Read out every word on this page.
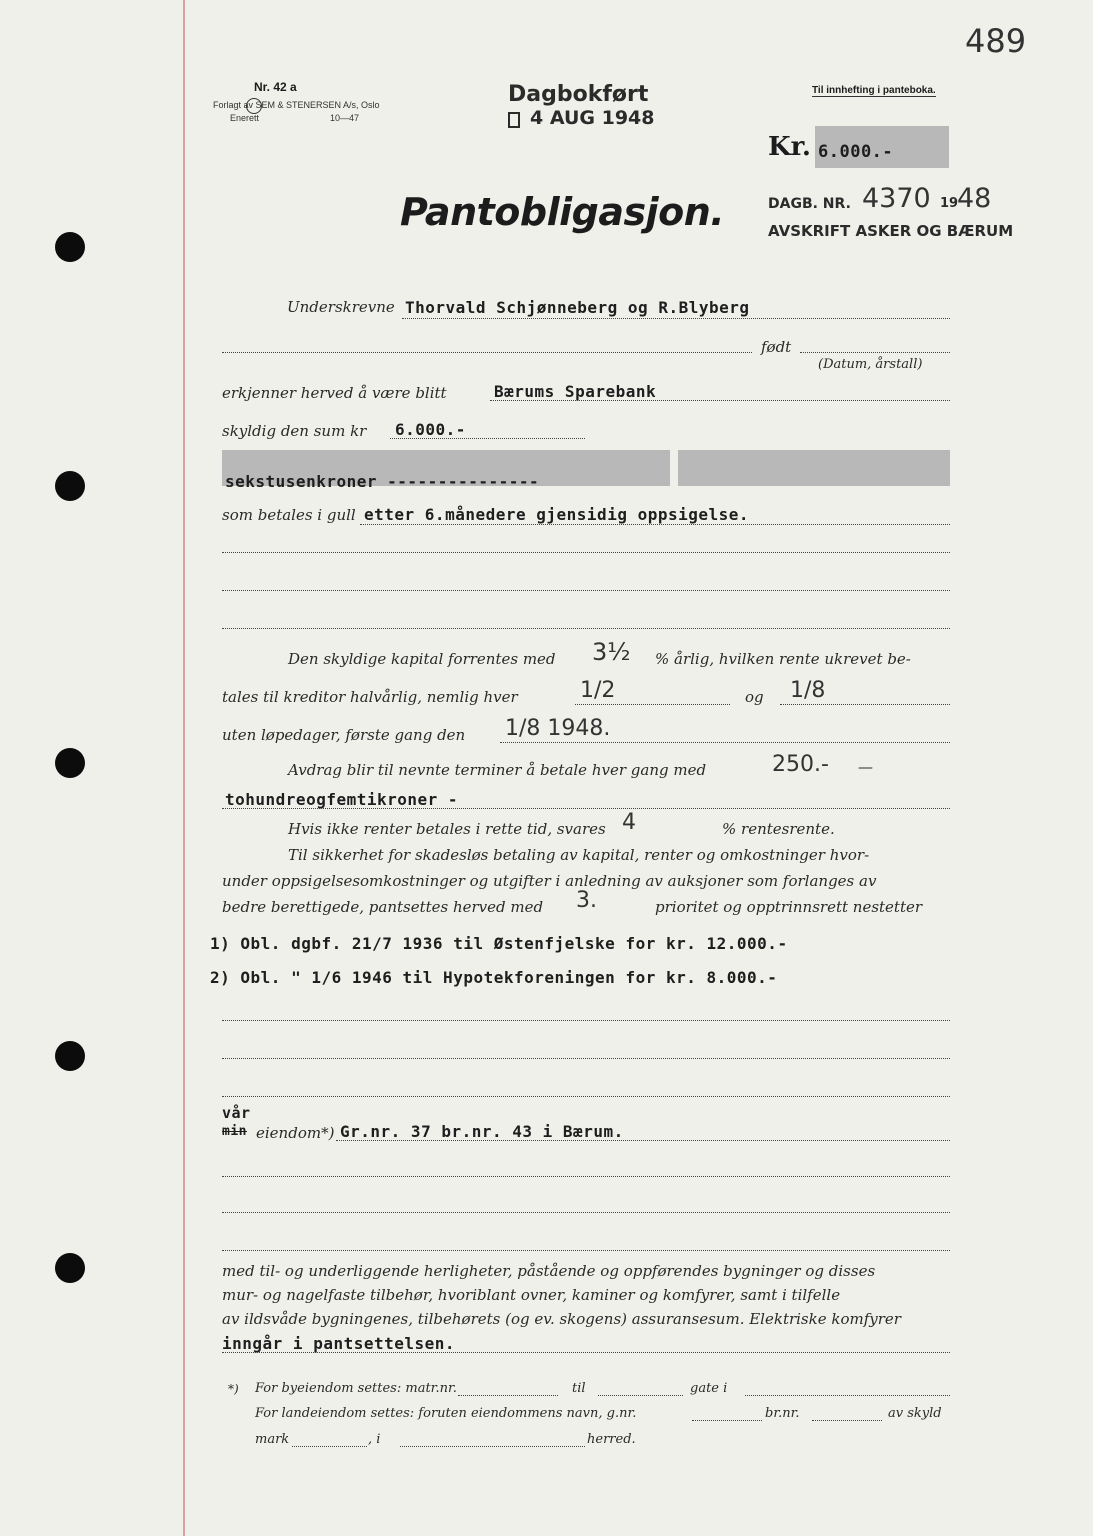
489
Nr. 42 a
Forlagt av SEM & STENERSEN A/s, Oslo
Enerett	10—47
Til innhefting i panteboka.
Dagbokført
4 AUG 1948
Kr. 6.000.-
Pantobligasjon.	DAGB. NR. 4370 19
48
AVSKRIFT ASKER OG BÆRUM
Underskrevne Thorvald Schjønneberg og R.Blyberg
født
(Datum, årstall)
erkjenner herved å være blitt	Bærums Sparebank
skyldig den sum kr 6.000.-
sekstusenkroner ---------------
som betales i gull etter 6.månedere gjensidig oppsigelse.
Den skyldige kapital forrentes med 3½ % årlig, hvilken rente ukrevet be-
tales til kreditor halvårlig, nemlig hver	1/2	og 1/8
uten løpedager, første gang den 1/8 1948.
Avdrag blir til nevnte terminer å betale hver gang med	250.- —
tohundreogfemtikroner -
Hvis ikke renter betales i rette tid, svares 4	% rentesrente.
Til sikkerhet for skadesløs betaling av kapital, renter og omkostninger hvor-
under oppsigelsesomkostninger og utgifter i anledning av auksjoner som forlanges av
bedre berettigede, pantsettes herved med 3.	prioritet og opptrinnsrett nestetter
1) Obl. dgbf. 21/7 1936 til Østenfjelske for kr. 12.000.-
2) Obl. " 1/6 1946 til Hypotekforeningen for kr. 8.000.-
vår
min eiendom*) Gr.nr. 37 br.nr. 43 i Bærum.
med til- og underliggende herligheter, påstående og oppførendes bygninger og disses
mur- og nagelfaste tilbehør, hvoriblant ovner, kaminer og komfyrer, samt i tilfelle
av ildsvåde bygningenes, tilbehørets (og ev. skogens) assuransesum. Elektriske komfyrer
inngår i pantsettelsen.
*) For byeiendom settes: matr.nr.	til	gate i
For landeiendom settes: foruten eiendommens navn, g.nr.	br.nr.	av skyld
mark	, i	herred.
